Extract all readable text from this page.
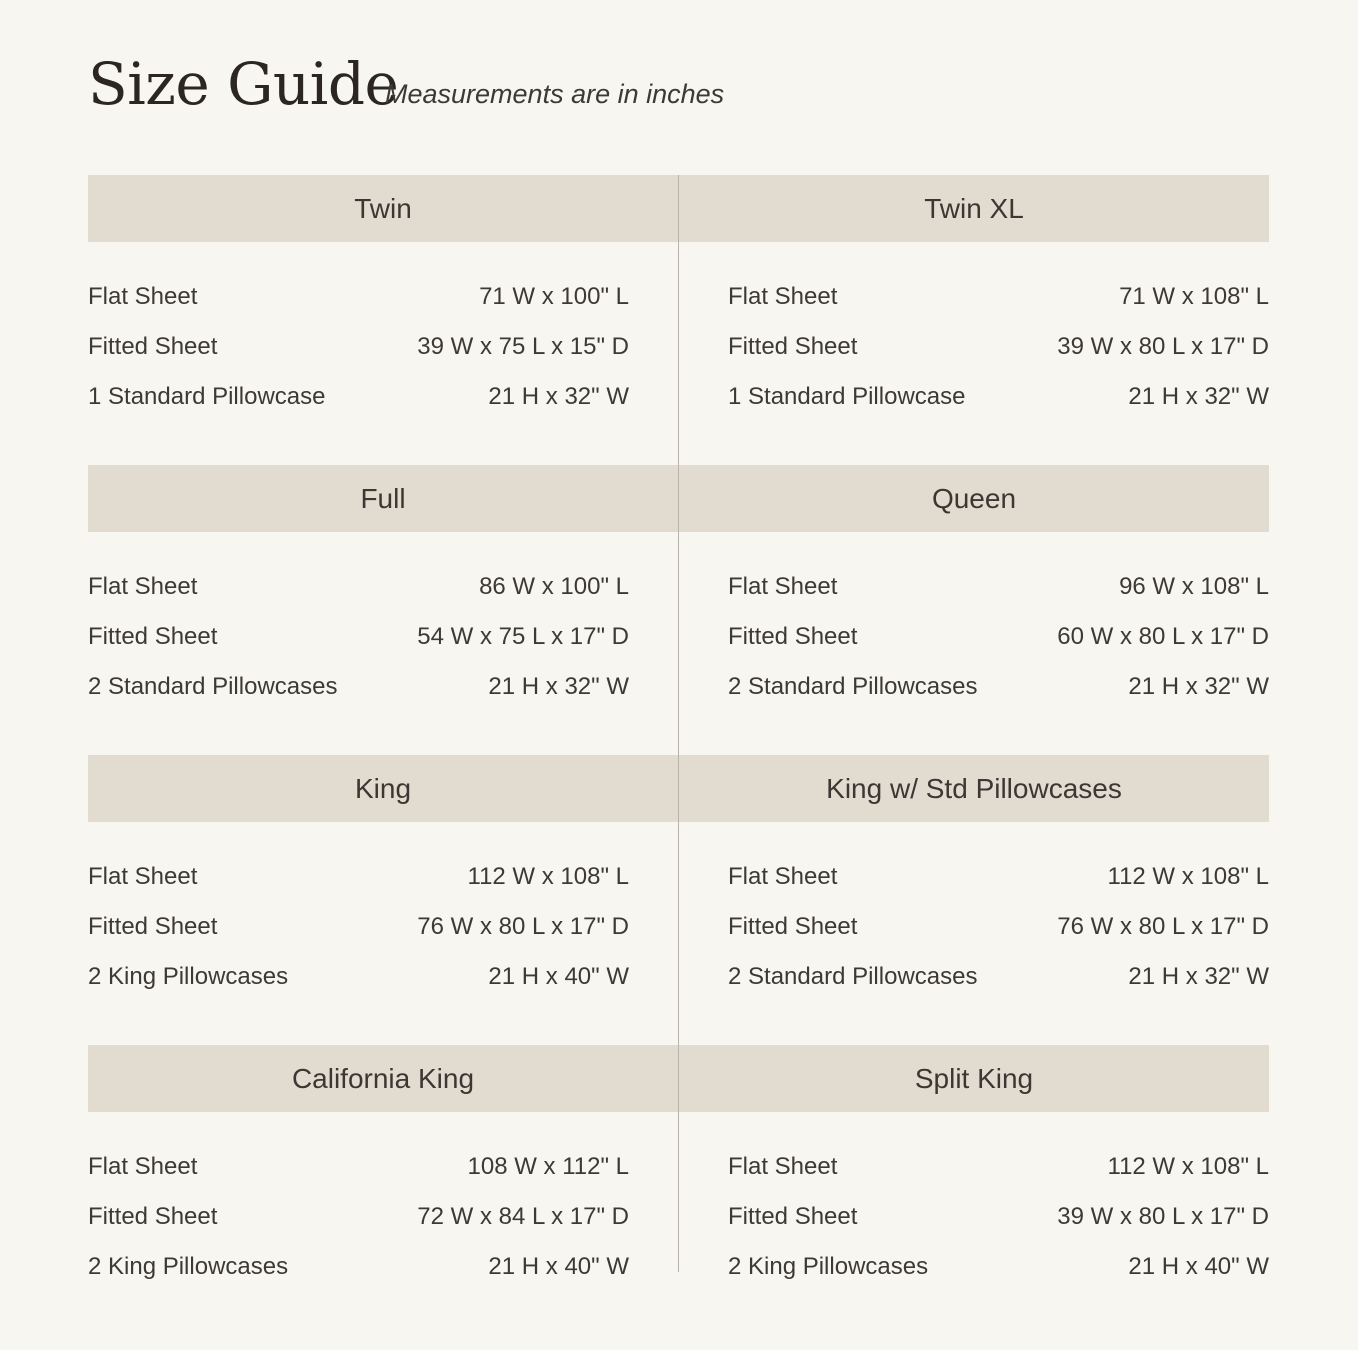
Size Guide
Measurements are in inches
Twin
Flat Sheet	71 W x 100" L
Fitted Sheet	39 W x 75 L x 15" D
1 Standard Pillowcase	21 H x 32" W
Twin XL
Flat Sheet	71 W x 108" L
Fitted Sheet	39 W x 80 L x 17" D
1 Standard Pillowcase	21 H x 32" W
Full
Flat Sheet	86 W x 100" L
Fitted Sheet	54 W x 75 L x 17" D
2 Standard Pillowcases	21 H x 32" W
Queen
Flat Sheet	96 W x 108" L
Fitted Sheet	60 W x 80 L x 17" D
2 Standard Pillowcases	21 H x 32" W
King
Flat Sheet	112 W x 108" L
Fitted Sheet	76 W x 80 L x 17" D
2 King Pillowcases	21 H x 40" W
King w/ Std Pillowcases
Flat Sheet	112 W x 108" L
Fitted Sheet	76 W x 80 L x 17" D
2 Standard Pillowcases	21 H x 32" W
California King
Flat Sheet	108 W x 112" L
Fitted Sheet	72 W x 84 L x 17" D
2 King Pillowcases	21 H x 40" W
Split King
Flat Sheet	112 W x 108" L
Fitted Sheet	39 W x 80 L x 17" D
2 King Pillowcases	21 H x 40" W
